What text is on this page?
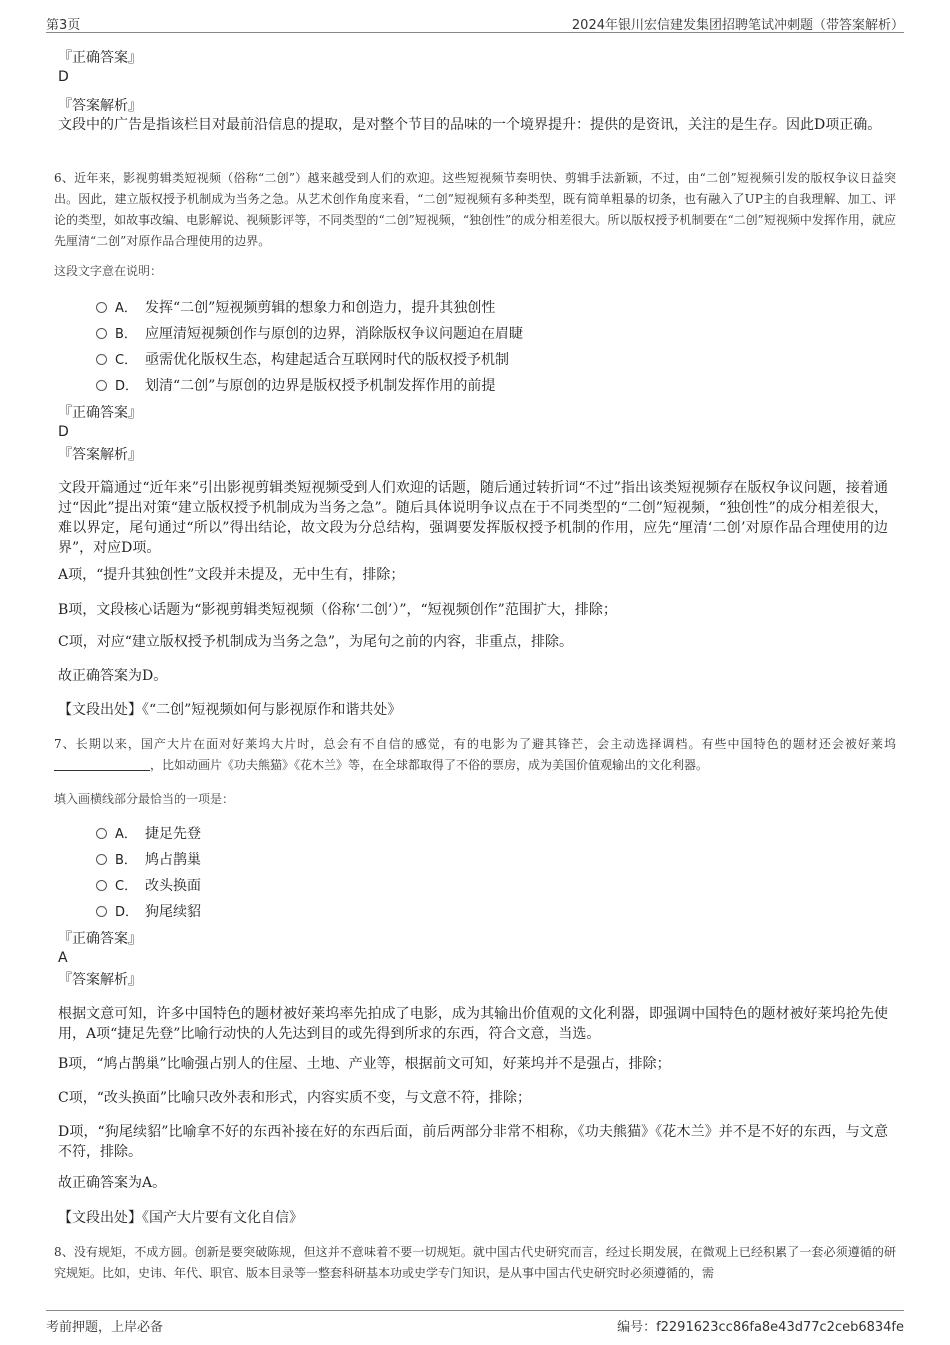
第3页	2024年银川宏信建发集团招聘笔试冲刺题（带答案解析）
『正确答案』
D
『答案解析』
文段中的广告是指该栏目对最前沿信息的提取，是对整个节目的品味的一个境界提升：提供的是资讯，关注的是生存。因此D项正确。
6、近年来，影视剪辑类短视频（俗称“二创”）越来越受到人们的欢迎。这些短视频节奏明快、剪辑手法新颖，不过，由“二创”短视频引发的版权争议日益突出。因此，建立版权授予机制成为当务之急。从艺术创作角度来看，“二创”短视频有多种类型，既有简单粗暴的切条，也有融入了UP主的自我理解、加工、评论的类型，如故事改编、电影解说、视频影评等，不同类型的“二创”短视频，“独创性”的成分相差很大。所以版权授予机制要在“二创”短视频中发挥作用，就应先厘清“二创”对原作品合理使用的边界。
这段文字意在说明：
A． 发挥“二创”短视频剪辑的想象力和创造力，提升其独创性
B． 应厘清短视频创作与原创的边界，消除版权争议问题迫在眉睫
C． 亟需优化版权生态，构建起适合互联网时代的版权授予机制
D． 划清“二创”与原创的边界是版权授予机制发挥作用的前提
『正确答案』
D
『答案解析』
文段开篇通过“近年来”引出影视剪辑类短视频受到人们欢迎的话题，随后通过转折词“不过”指出该类短视频存在版权争议问题，接着通过“因此”提出对策“建立版权授予机制成为当务之急”。随后具体说明争议点在于不同类型的“二创”短视频，“独创性”的成分相差很大，难以界定，尾句通过“所以”得出结论，故文段为分总结构，强调要发挥版权授予机制的作用，应先“厘清‘二创’对原作品合理使用的边界”，对应D项。
A项，“提升其独创性”文段并未提及，无中生有，排除；
B项，文段核心话题为“影视剪辑类短视频（俗称‘二创’）”，“短视频创作”范围扩大，排除；
C项，对应“建立版权授予机制成为当务之急”，为尾句之前的内容，非重点，排除。
故正确答案为D。
【文段出处】《“二创”短视频如何与影视原作和谐共处》
7、长期以来，国产大片在面对好莱坞大片时，总会有不自信的感觉，有的电影为了避其锋芒，会主动选择调档。有些中国特色的题材还会被好莱坞，比如动画片《功夫熊猫》《花木兰》等，在全球都取得了不俗的票房，成为美国价值观输出的文化利器。
填入画横线部分最恰当的一项是：
A． 捷足先登
B． 鸠占鹊巢
C． 改头换面
D． 狗尾续貂
『正确答案』
A
『答案解析』
根据文意可知，许多中国特色的题材被好莱坞率先拍成了电影，成为其输出价值观的文化利器，即强调中国特色的题材被好莱坞抢先使用，A项“捷足先登”比喻行动快的人先达到目的或先得到所求的东西，符合文意，当选。
B项，“鸠占鹊巢”比喻强占别人的住屋、土地、产业等，根据前文可知，好莱坞并不是强占，排除；
C项，“改头换面”比喻只改外表和形式，内容实质不变，与文意不符，排除；
D项，“狗尾续貂”比喻拿不好的东西补接在好的东西后面，前后两部分非常不相称，《功夫熊猫》《花木兰》并不是不好的东西，与文意不符，排除。
故正确答案为A。
【文段出处】《国产大片要有文化自信》
8、没有规矩，不成方圆。创新是要突破陈规，但这并不意味着不要一切规矩。就中国古代史研究而言，经过长期发展，在微观上已经积累了一套必须遵循的研究规矩。比如，史讳、年代、职官、版本目录等一整套科研基本功或史学专门知识，是从事中国古代史研究时必须遵循的，需
考前押题，上岸必备	编号：f2291623cc86fa8e43d77c2ceb6834fe
